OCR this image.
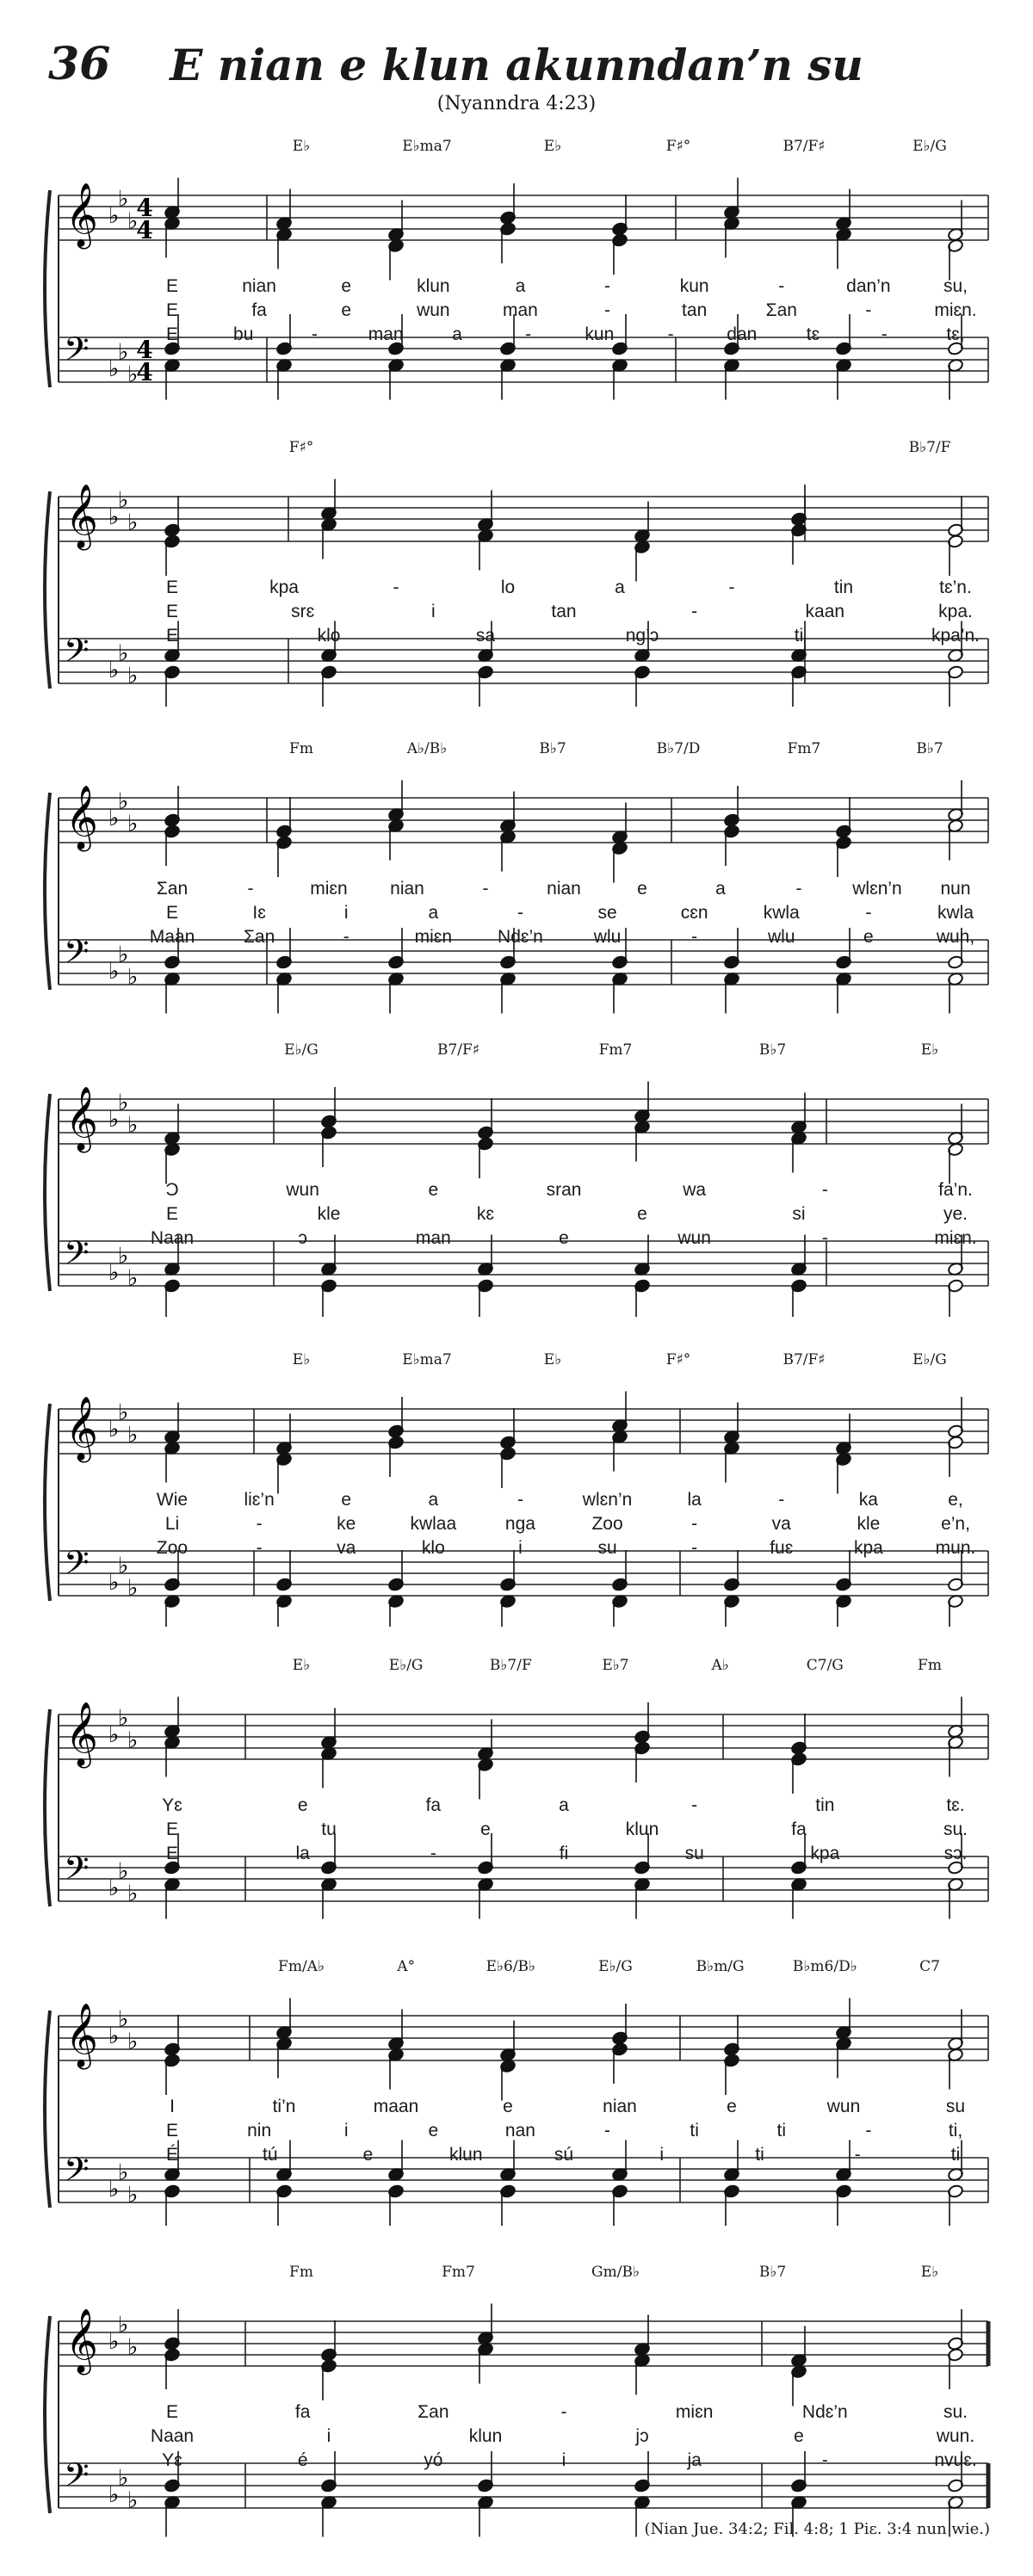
36	E nian e klun akunndan’n su
(Nyanndra 4:23)
𝄞
𝄢
♭
♭
♭
♭
♭
♭
4
4
4
4
E♭	E♭ma7	E♭	F♯°	B7/F♯	E♭/G
E	nian	e	klun	a	-	kun	-	dan’n	su,
E	fa	e	wun	man	-	tan	Ʃan	-	miɛn.
E	bu	-	man	a	-	kun	-	dan	tɛ	-	tɛ,
𝄞
𝄢
♭
♭
♭
♭
♭
♭
F♯°	B♭7/F
E	kpa	-	lo	a	-	tin	tɛ’n.
E	srɛ	i	tan	-	kaan	kpa.
E	klo	sa	ng’ɔ	ti	kpa’n.
𝄞
𝄢
♭
♭
♭
♭
♭
♭
Fm	A♭/B♭	B♭7	B♭7/D	Fm7	B♭7
Ʃan	-	miɛn nian	-	nian	e	a	-	wlɛn’n nun
E	Iɛ	i	a	-	se	cɛn	kwla	-	kwla
Maan	Ʃan	-	miɛn	Ndɛ’n	wlu	-	wlu	e	wun,
𝄞
𝄢
♭
♭
♭
♭
♭
♭
E♭/G	B7/F♯	Fm7	B♭7	E♭
Ɔ	wun	e	sran	wa	-	fa’n.
E	kle	kɛ	e	si	ye.
Naan	ɔ	man	e	wun	-	miɛn.
𝄞
𝄢
♭
♭
♭
♭
♭
♭
E♭	E♭ma7	E♭	F♯°	B7/F♯	E♭/G
Wie	liɛ’n	e	a	-	wlɛn’n	la	-	ka	e,
Li	-	ke	kwlaa	nga	Zoo	-	va	kle	e’n,
Zoo	-	va	klo	i	su	-	fuɛ	kpa	mun.
𝄞
𝄢
♭
♭
♭
♭
♭
♭
E♭	E♭/G	B♭7/F	E♭7	A♭	C7/G	Fm
Yɛ	e	fa	a	-	tin	tɛ.
E	tu	e	klun	fa	su.
E	la	-	fi	su	kpa	sɔ.
𝄞
𝄢
♭
♭
♭
♭
♭
♭
Fm/A♭	A°	E♭6/B♭	E♭/G	B♭m/G	B♭m6/D♭	C7
I	ti’n	maan	e	nian	e	wun	su
E	nin	i	e	nan	-	ti	ti	-	ti,
É	tú	e	klun	sú	i	ti	-	ti
𝄞
𝄢
♭
♭
♭
♭
♭
♭
Fm	Fm7	Gm/B♭	B♭7	E♭
E	fa	Ʃan	-	miɛn	Ndɛ’n	su.
Naan	i	klun	jɔ	e	wun.
Yɛ	é	yó	i	ja	-	nvuɛ.
(Nian Jue. 34:2; Fil. 4:8; 1 Piɛ. 3:4 nun wie.)
